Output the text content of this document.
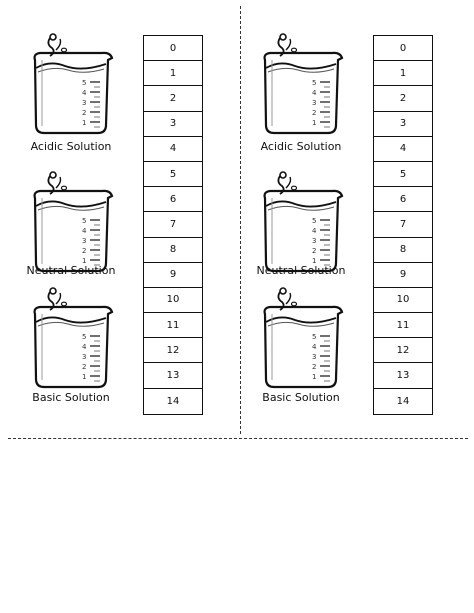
5
4
3
2
1
Acidic Solution
5
4
3
2
1
Neutral Solution
5
4
3
2
1
Basic Solution
0
1
2
3
4
5
6
7
8
9
10
11
12
13
14
5
4
3
2
1
Acidic Solution
5
4
3
2
1
Neutral Solution
5
4
3
2
1
Basic Solution
0
1
2
3
4
5
6
7
8
9
10
11
12
13
14
